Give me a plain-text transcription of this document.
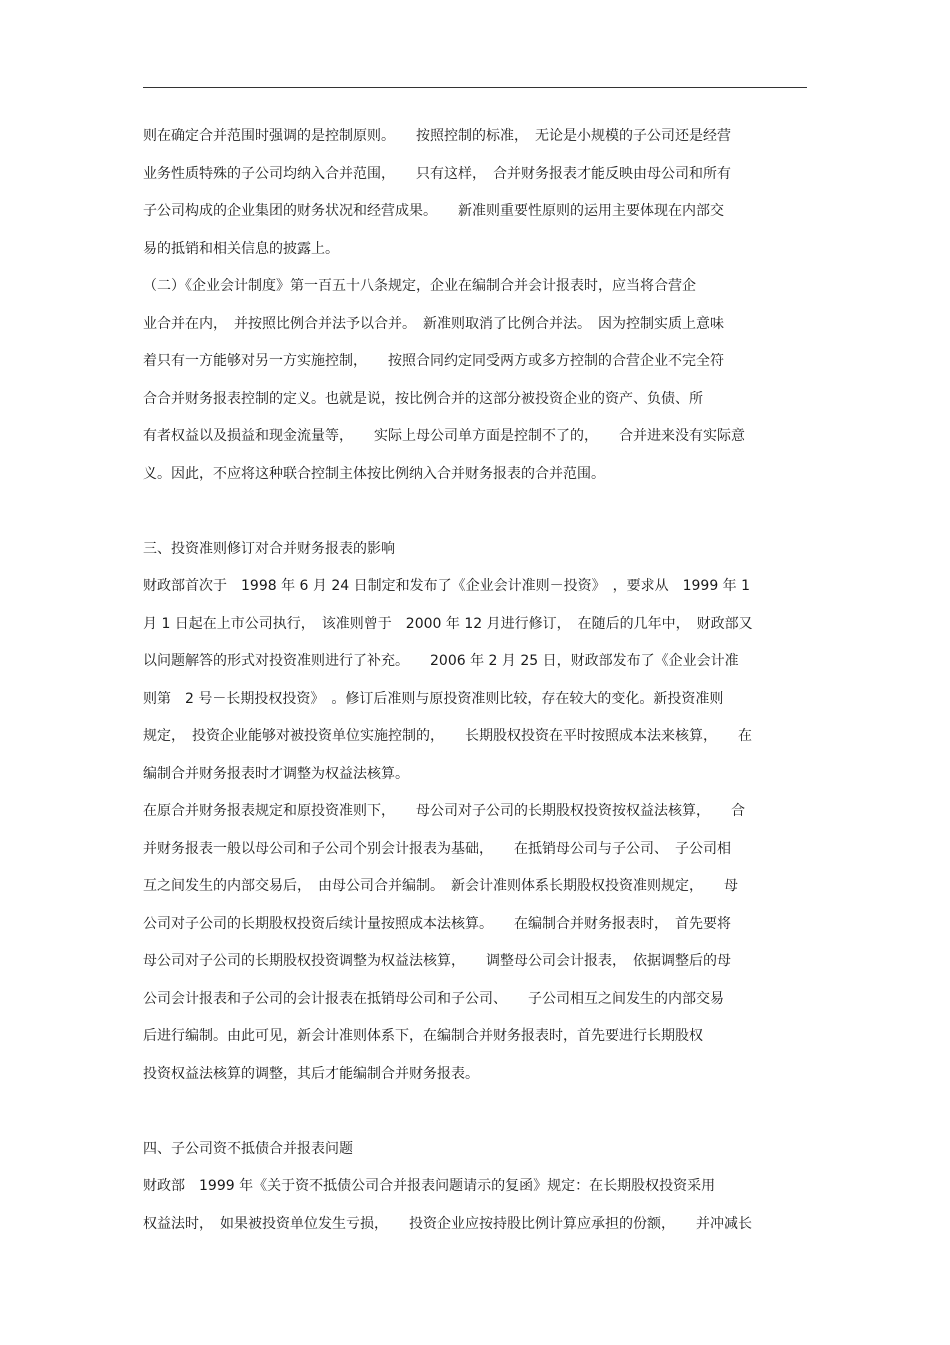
则在确定合并范围时强调的是控制原则。　　按照控制的标准，　无论是小规模的子公司还是经营
业务性质特殊的子公司均纳入合并范围，　　只有这样，　合并财务报表才能反映由母公司和所有
子公司构成的企业集团的财务状况和经营成果。　　新准则重要性原则的运用主要体现在内部交
易的抵销和相关信息的披露上。
（二）《企业会计制度》第一百五十八条规定，企业在编制合并会计报表时，应当将合营企
业合并在内，　并按照比例合并法予以合并。　新准则取消了比例合并法。　因为控制实质上意味
着只有一方能够对另一方实施控制，　　按照合同约定同受两方或多方控制的合营企业不完全符
合合并财务报表控制的定义。也就是说，按比例合并的这部分被投资企业的资产、负债、所
有者权益以及损益和现金流量等，　　实际上母公司单方面是控制不了的，　　合并进来没有实际意
义。因此，不应将这种联合控制主体按比例纳入合并财务报表的合并范围。
三、投资准则修订对合并财务报表的影响
财政部首次于　1998 年 6 月 24 日制定和发布了《企业会计准则－投资》　，要求从　1999 年 1
月 1 日起在上市公司执行，　该准则曾于　2000 年 12 月进行修订，　在随后的几年中，　财政部又
以问题解答的形式对投资准则进行了补充。　　2006 年 2 月 25 日，财政部发布了《企业会计准
则第　2 号－长期投权投资》　。修订后准则与原投资准则比较，存在较大的变化。新投资准则
规定，　投资企业能够对被投资单位实施控制的，　　长期股权投资在平时按照成本法来核算，　　在
编制合并财务报表时才调整为权益法核算。
在原合并财务报表规定和原投资准则下，　　母公司对子公司的长期股权投资按权益法核算，　　合
并财务报表一般以母公司和子公司个别会计报表为基础，　　在抵销母公司与子公司、　子公司相
互之间发生的内部交易后，　由母公司合并编制。　新会计准则体系长期股权投资准则规定，　　母
公司对子公司的长期股权投资后续计量按照成本法核算。　　在编制合并财务报表时，　首先要将
母公司对子公司的长期股权投资调整为权益法核算，　　调整母公司会计报表，　依据调整后的母
公司会计报表和子公司的会计报表在抵销母公司和子公司、　　子公司相互之间发生的内部交易
后进行编制。由此可见，新会计准则体系下，在编制合并财务报表时，首先要进行长期股权
投资权益法核算的调整，其后才能编制合并财务报表。
四、子公司资不抵债合并报表问题
财政部　1999 年《关于资不抵债公司合并报表问题请示的复函》规定：在长期股权投资采用
权益法时，　如果被投资单位发生亏损，　　投资企业应按持股比例计算应承担的份额，　　并冲减长
